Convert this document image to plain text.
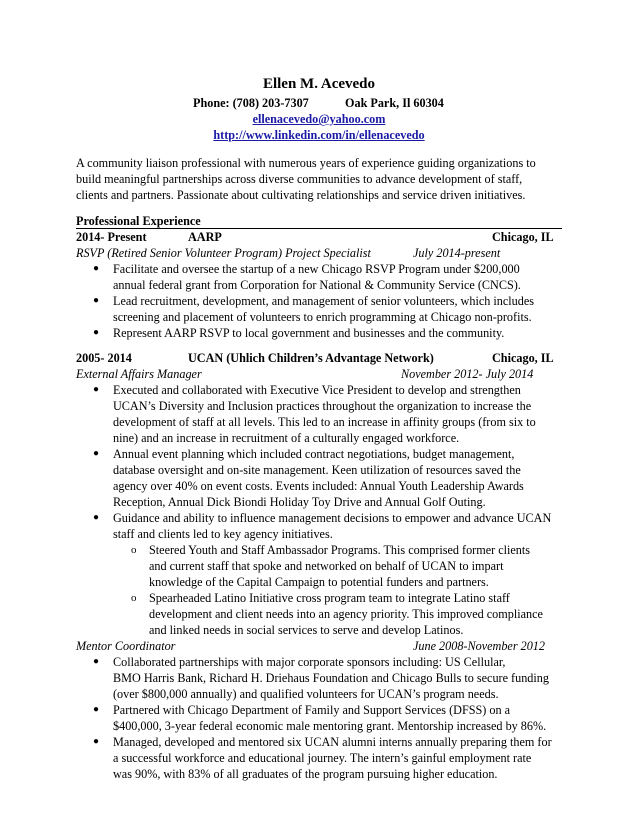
Ellen M. Acevedo
Phone: (708) 203-7307	Oak Park, Il 60304
ellenacevedo@yahoo.com
http://www.linkedin.com/in/ellenacevedo
A community liaison professional with numerous years of experience guiding organizations to
build meaningful partnerships across diverse communities to advance development of staff,
clients and partners. Passionate about cultivating relationships and service driven initiatives.
Professional Experience
2014- Present	AARP	Chicago, IL
RSVP (Retired Senior Volunteer Program) Project Specialist	July 2014-present
● Facilitate and oversee the startup of a new Chicago RSVP Program under $200,000
annual federal grant from Corporation for National & Community Service (CNCS).
● Lead recruitment, development, and management of senior volunteers, which includes
screening and placement of volunteers to enrich programming at Chicago non-profits.
● Represent AARP RSVP to local government and businesses and the community.
2005- 2014	UCAN (Uhlich Children’s Advantage Network)	Chicago, IL
External Affairs Manager	November 2012- July 2014
● Executed and collaborated with Executive Vice President to develop and strengthen
UCAN’s Diversity and Inclusion practices throughout the organization to increase the
development of staff at all levels. This led to an increase in affinity groups (from six to
nine) and an increase in recruitment of a culturally engaged workforce.
● Annual event planning which included contract negotiations, budget management,
database oversight and on-site management. Keen utilization of resources saved the
agency over 40% on event costs. Events included: Annual Youth Leadership Awards
Reception, Annual Dick Biondi Holiday Toy Drive and Annual Golf Outing.
● Guidance and ability to influence management decisions to empower and advance UCAN
staff and clients led to key agency initiatives.
o Steered Youth and Staff Ambassador Programs. This comprised former clients
and current staff that spoke and networked on behalf of UCAN to impart
knowledge of the Capital Campaign to potential funders and partners.
o Spearheaded Latino Initiative cross program team to integrate Latino staff
development and client needs into an agency priority. This improved compliance
and linked needs in social services to serve and develop Latinos.
Mentor Coordinator	June 2008-November 2012
● Collaborated partnerships with major corporate sponsors including: US Cellular,
BMO Harris Bank, Richard H. Driehaus Foundation and Chicago Bulls to secure funding
(over $800,000 annually) and qualified volunteers for UCAN’s program needs.
● Partnered with Chicago Department of Family and Support Services (DFSS) on a
$400,000, 3-year federal economic male mentoring grant. Mentorship increased by 86%.
● Managed, developed and mentored six UCAN alumni interns annually preparing them for
a successful workforce and educational journey. The intern’s gainful employment rate
was 90%, with 83% of all graduates of the program pursuing higher education.
